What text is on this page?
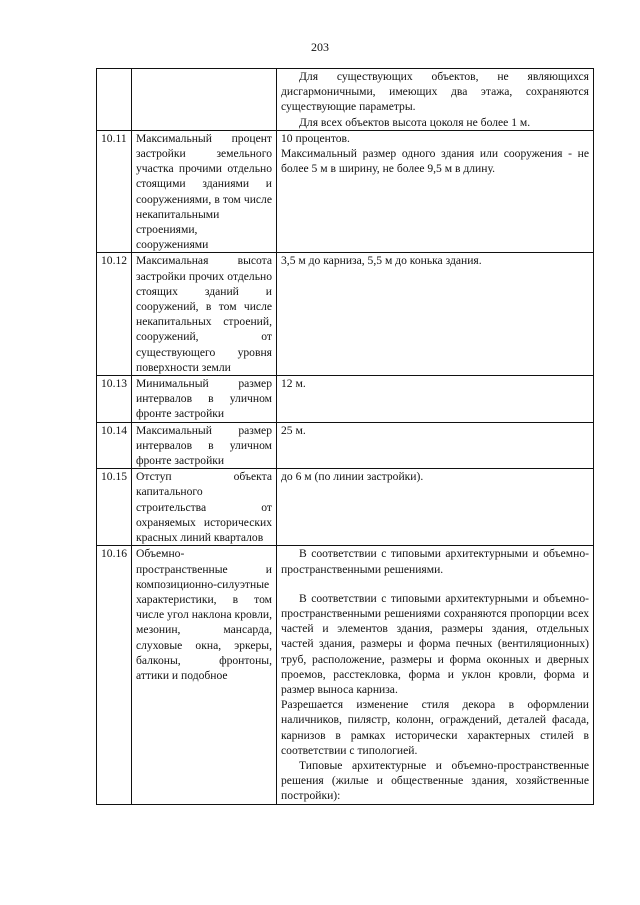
203

		Для существующих объектов, не являющихся дисгармоничными, имеющих два этажа, сохраняются существующие параметры.
Для всех объектов высота цоколя не более 1 м.

10.11	Максимальный процент застройки земельного участка прочими отдельно стоящими зданиями и сооружениями, в том числе некапитальными строениями, сооружениями	10 процентов.
Максимальный размер одного здания или сооружения - не более 5 м в ширину, не более 9,5 м в длину.

10.12	Максимальная высота застройки прочих отдельно стоящих зданий и сооружений, в том числе некапитальных строений, сооружений, от существующего уровня поверхности земли	3,5 м до карниза, 5,5 м до конька здания.

10.13	Минимальный размер интервалов в уличном фронте застройки	12 м.

10.14	Максимальный размер интервалов в уличном фронте застройки	25 м.

10.15	Отступ объекта капитального строительства от охраняемых исторических красных линий кварталов	до 6 м (по линии застройки).

10.16	Объемно-пространственные и композиционно-силуэтные характеристики, в том числе угол наклона кровли, мезонин, мансарда, слуховые окна, эркеры, балконы, фронтоны, аттики и подобное	В соответствии с типовыми архитектурными и объемно-пространственными решениями.
В соответствии с типовыми архитектурными и объемно-пространственными решениями сохраняются пропорции всех частей и элементов здания, размеры здания, отдельных частей здания, размеры и форма печных (вентиляционных) труб, расположение, размеры и форма оконных и дверных проемов, расстекловка, форма и уклон кровли, форма и размер выноса карниза.
Разрешается изменение стиля декора в оформлении наличников, пилястр, колонн, ограждений, деталей фасада, карнизов в рамках исторически характерных стилей в соответствии с типологией.
Типовые архитектурные и объемно-пространственные решения (жилые и общественные здания, хозяйственные постройки):
